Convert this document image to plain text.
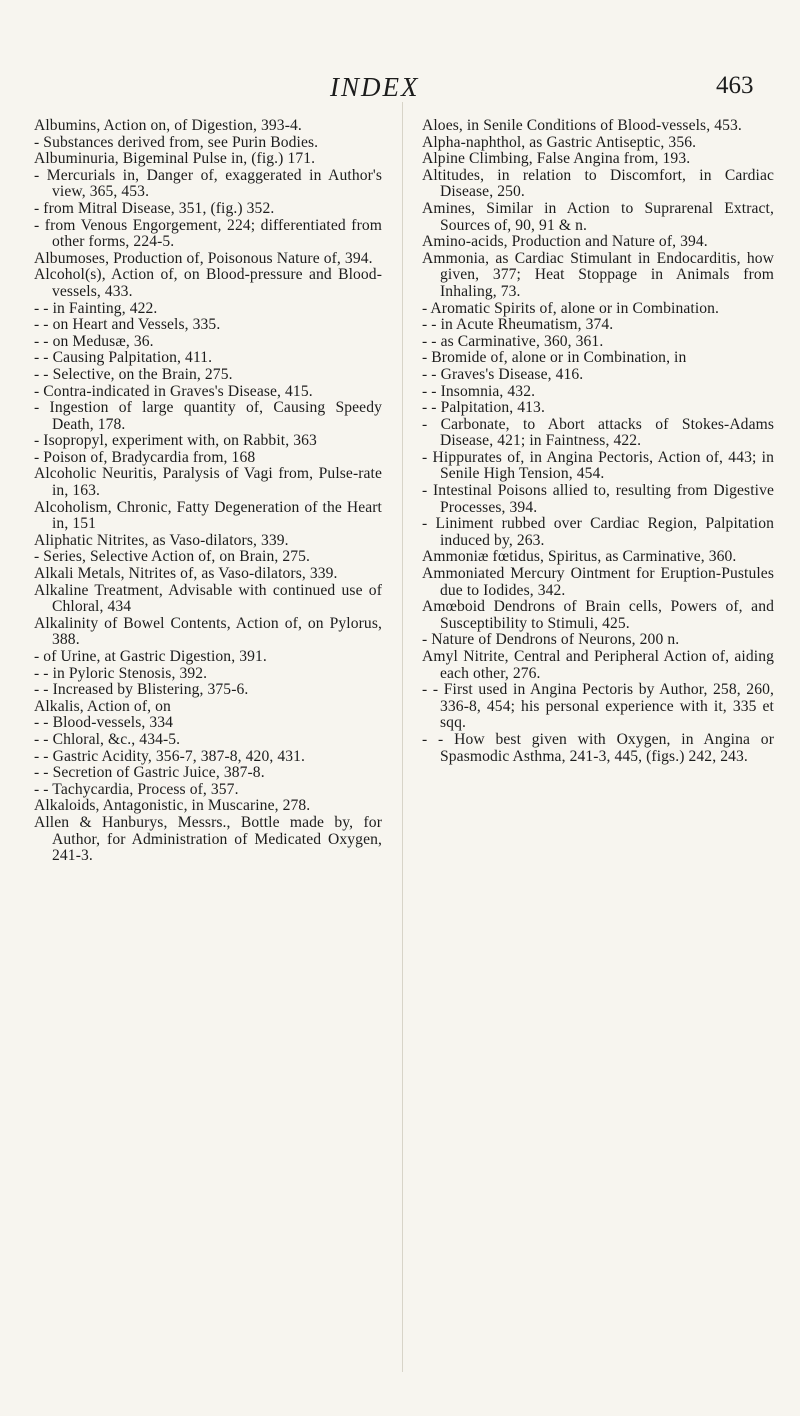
INDEX	463

Albumins, Action on, of Digestion, 393-4.

- Substances derived from, see Purin Bodies.

Albuminuria, Bigeminal Pulse in, (fig.) 171.

- Mercurials in, Danger of, exaggerated in Author's view, 365, 453.

- from Mitral Disease, 351, (fig.) 352.

- from Venous Engorgement, 224; differentiated from other forms, 224-5.

Albumoses, Production of, Poisonous Nature of, 394.

Alcohol(s), Action of, on Blood-pressure and Blood-vessels, 433.

- - in Fainting, 422.

- - on Heart and Vessels, 335.

- - on Medusæ, 36.

- - Causing Palpitation, 411.

- - Selective, on the Brain, 275.

- Contra-indicated in Graves's Disease, 415.

- Ingestion of large quantity of, Causing Speedy Death, 178.

- Isopropyl, experiment with, on Rabbit, 363

- Poison of, Bradycardia from, 168

Alcoholic Neuritis, Paralysis of Vagi from, Pulse-rate in, 163.

Alcoholism, Chronic, Fatty Degeneration of the Heart in, 151

Aliphatic Nitrites, as Vaso-dilators, 339.

- Series, Selective Action of, on Brain, 275.

Alkali Metals, Nitrites of, as Vaso-dilators, 339.

Alkaline Treatment, Advisable with continued use of Chloral, 434

Alkalinity of Bowel Contents, Action of, on Pylorus, 388.

- of Urine, at Gastric Digestion, 391.

- - in Pyloric Stenosis, 392.

- - Increased by Blistering, 375-6.

Alkalis, Action of, on

- - Blood-vessels, 334

- - Chloral, &c., 434-5.

- - Gastric Acidity, 356-7, 387-8, 420, 431.

- - Secretion of Gastric Juice, 387-8.

- - Tachycardia, Process of, 357.

Alkaloids, Antagonistic, in Muscarine, 278.

Allen & Hanburys, Messrs., Bottle made by, for Author, for Administration of Medicated Oxygen, 241-3.

Aloes, in Senile Conditions of Blood-vessels, 453.

Alpha-naphthol, as Gastric Antiseptic, 356.

Alpine Climbing, False Angina from, 193.

Altitudes, in relation to Discomfort, in Cardiac Disease, 250.

Amines, Similar in Action to Suprarenal Extract, Sources of, 90, 91 & n.

Amino-acids, Production and Nature of, 394.

Ammonia, as Cardiac Stimulant in Endocarditis, how given, 377; Heat Stoppage in Animals from Inhaling, 73.

- Aromatic Spirits of, alone or in Combination.

- - in Acute Rheumatism, 374.

- - as Carminative, 360, 361.

- Bromide of, alone or in Combination, in

- - Graves's Disease, 416.

- - Insomnia, 432.

- - Palpitation, 413.

- Carbonate, to Abort attacks of Stokes-Adams Disease, 421; in Faintness, 422.

- Hippurates of, in Angina Pectoris, Action of, 443; in Senile High Tension, 454.

- Intestinal Poisons allied to, resulting from Digestive Processes, 394.

- Liniment rubbed over Cardiac Region, Palpitation induced by, 263.

Ammoniæ fœtidus, Spiritus, as Carminative, 360.

Ammoniated Mercury Ointment for Eruption-Pustules due to Iodides, 342.

Amœboid Dendrons of Brain cells, Powers of, and Susceptibility to Stimuli, 425.

- Nature of Dendrons of Neurons, 200 n.

Amyl Nitrite, Central and Peripheral Action of, aiding each other, 276.

- - First used in Angina Pectoris by Author, 258, 260, 336-8, 454; his personal experience with it, 335 et sqq.

- - How best given with Oxygen, in Angina or Spasmodic Asthma, 241-3, 445, (figs.) 242, 243.
